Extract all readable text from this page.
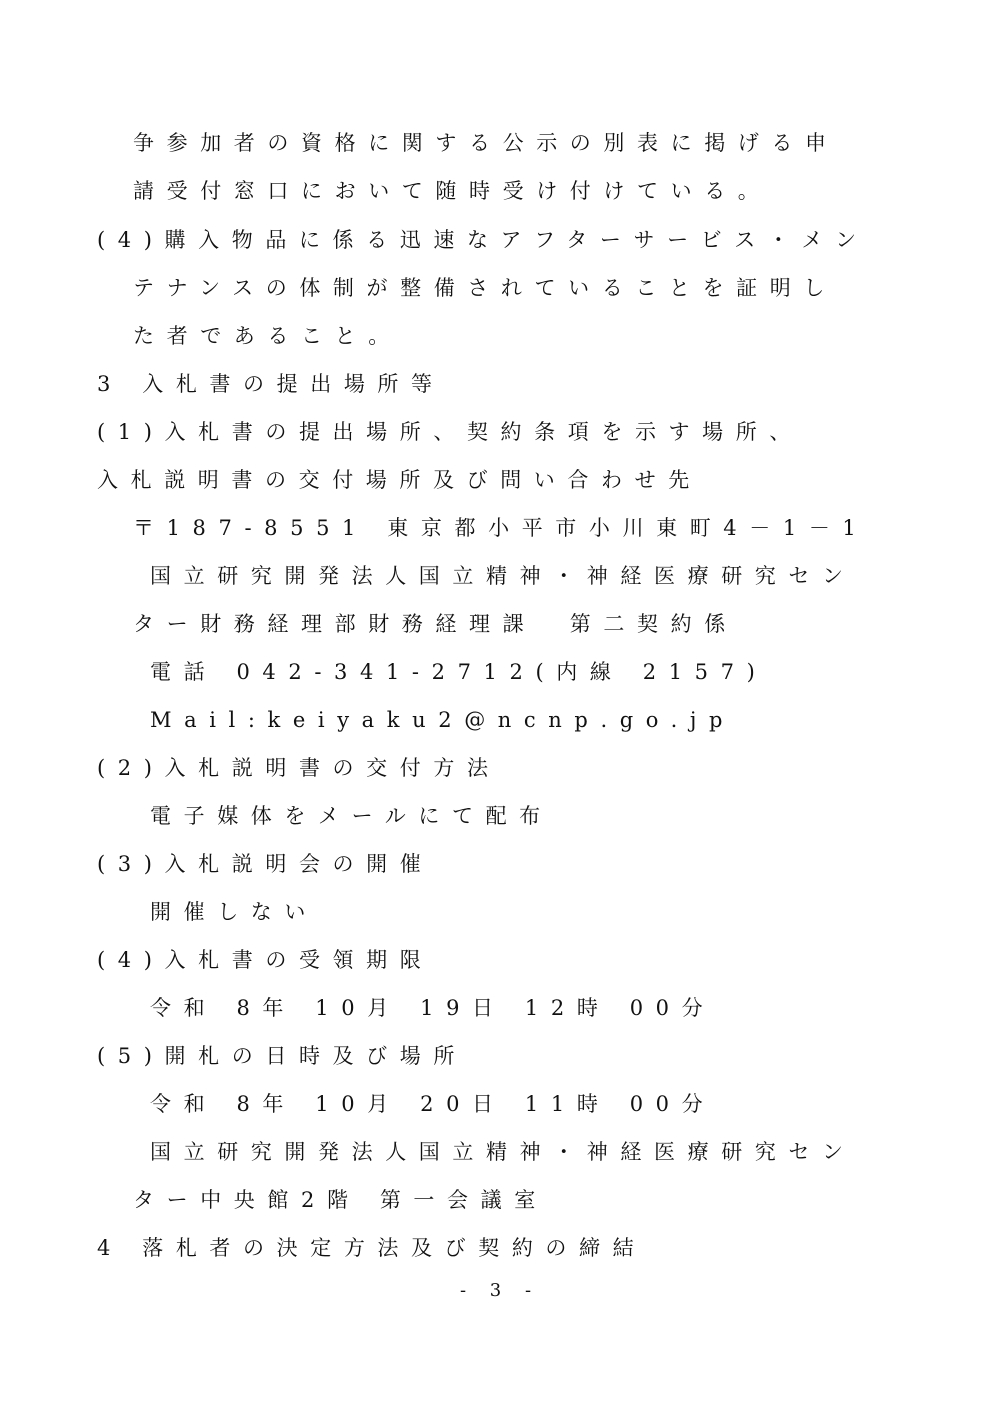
争参加者の資格に関する公示の別表に掲げる申
請受付窓口において随時受け付けている。
(4)購入物品に係る迅速なアフターサービス・メン
テナンスの体制が整備されていることを証明し
た者であること。
3 入札書の提出場所等
(1)入札書の提出場所、契約条項を示す場所、
入札説明書の交付場所及び問い合わせ先
〒187-8551 東京都小平市小川東町4－1－1
国立研究開発法人国立精神・神経医療研究セン
ター財務経理部財務経理課　第二契約係
電話 042-341-2712(内線 2157)
Mail:keiyaku2@ncnp.go.jp
(2)入札説明書の交付方法
電子媒体をメールにて配布
(3)入札説明会の開催
開催しない
(4)入札書の受領期限
令和 8年 10月 19日 12時 00分
(5)開札の日時及び場所
令和 8年 10月 20日 11時 00分
国立研究開発法人国立精神・神経医療研究セン
ター中央館2階 第一会議室
4 落札者の決定方法及び契約の締結
- 3 -
